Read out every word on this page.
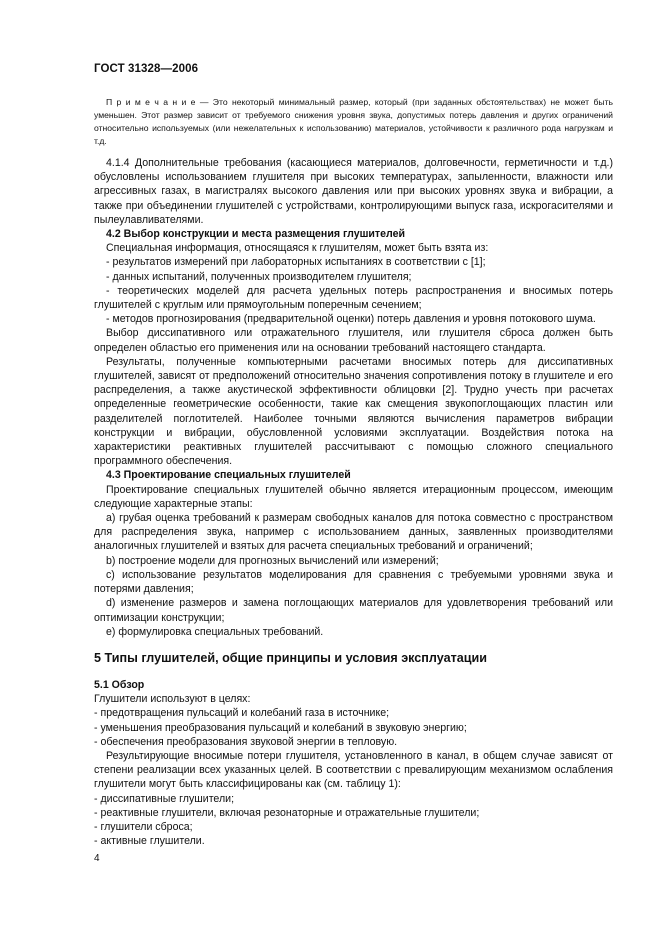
ГОСТ 31328—2006
П р и м е ч а н и е — Это некоторый минимальный размер, который (при заданных обстоятельствах) не может быть уменьшен. Этот размер зависит от требуемого снижения уровня звука, допустимых потерь давления и других ограничений относительно используемых (или нежелательных к использованию) материалов, устойчивости к различного рода нагрузкам и т.д.

4.1.4 Дополнительные требования (касающиеся материалов, долговечности, герметичности и т.д.) обусловлены использованием глушителя при высоких температурах, запыленности, влажности или агрессивных газах, в магистралях высокого давления или при высоких уровнях звука и вибрации, а также при объединении глушителей с устройствами, контролирующими выпуск газа, искрогасителями и пылеулавливателями.

4.2 Выбор конструкции и места размещения глушителей

Специальная информация, относящаяся к глушителям, может быть взята из:

- результатов измерений при лабораторных испытаниях в соответствии с [1];

- данных испытаний, полученных производителем глушителя;

- теоретических моделей для расчета удельных потерь распространения и вносимых потерь глушителей с круглым или прямоугольным поперечным сечением;

- методов прогнозирования (предварительной оценки) потерь давления и уровня потокового шума.

Выбор диссипативного или отражательного глушителя, или глушителя сброса должен быть определен областью его применения или на основании требований настоящего стандарта.

Результаты, полученные компьютерными расчетами вносимых потерь для диссипативных глушителей, зависят от предположений относительно значения сопротивления потоку в глушителе и его распределения, а также акустической эффективности облицовки [2]. Трудно учесть при расчетах определенные геометрические особенности, такие как смещения звукопоглощающих пластин или разделителей поглотителей. Наиболее точными являются вычисления параметров вибрации конструкции и вибрации, обусловленной условиями эксплуатации. Воздействия потока на характеристики реактивных глушителей рассчитывают с помощью сложного специального программного обеспечения.

4.3 Проектирование специальных глушителей

Проектирование специальных глушителей обычно является итерационным процессом, имеющим следующие характерные этапы:

а) грубая оценка требований к размерам свободных каналов для потока совместно с пространством для распределения звука, например с использованием данных, заявленных производителями аналогичных глушителей и взятых для расчета специальных требований и ограничений;

b) построение модели для прогнозных вычислений или измерений;

c) использование результатов моделирования для сравнения с требуемыми уровнями звука и потерями давления;

d) изменение размеров и замена поглощающих материалов для удовлетворения требований или оптимизации конструкции;

e) формулировка специальных требований.

5 Типы глушителей, общие принципы и условия эксплуатации
5.1 Обзор

Глушители используют в целях:

- предотвращения пульсаций и колебаний газа в источнике;

- уменьшения преобразования пульсаций и колебаний в звуковую энергию;

- обеспечения преобразования звуковой энергии в тепловую.

Результирующие вносимые потери глушителя, установленного в канал, в общем случае зависят от степени реализации всех указанных целей. В соответствии с превалирующим механизмом ослабления глушители могут быть классифицированы как (см. таблицу 1):

- диссипативные глушители;

- реактивные глушители, включая резонаторные и отражательные глушители;

- глушители сброса;

- активные глушители.

4
